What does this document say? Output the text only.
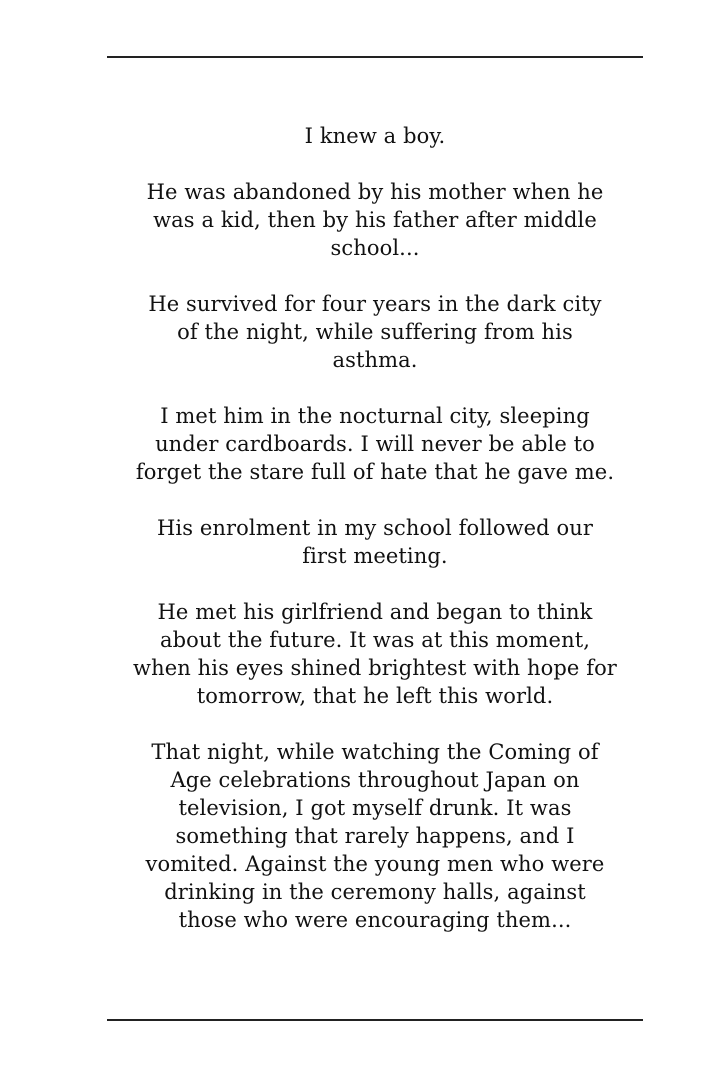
I knew a boy.

He was abandoned by his mother when he
was a kid, then by his father after middle
school...

He survived for four years in the dark city
of the night, while suffering from his
asthma.

I met him in the nocturnal city, sleeping
under cardboards. I will never be able to
forget the stare full of hate that he gave me.

His enrolment in my school followed our
first meeting.

He met his girlfriend and began to think
about the future. It was at this moment,
when his eyes shined brightest with hope for
tomorrow, that he left this world.

That night, while watching the Coming of
Age celebrations throughout Japan on
television, I got myself drunk. It was
something that rarely happens, and I
vomited. Against the young men who were
drinking in the ceremony halls, against
those who were encouraging them...
